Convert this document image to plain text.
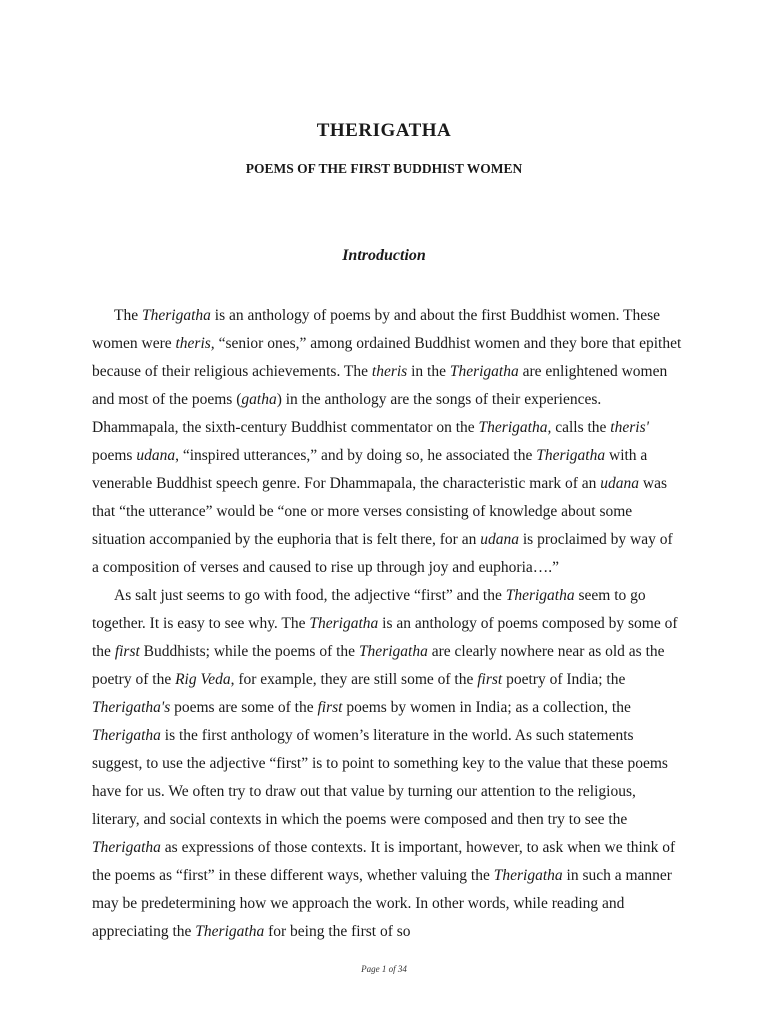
THERIGATHA
POEMS OF THE FIRST BUDDHIST WOMEN
Introduction

The Therigatha is an anthology of poems by and about the first Buddhist women. These women were theris, “senior ones,” among ordained Buddhist women and they bore that epithet because of their religious achievements. The theris in the Therigatha are enlightened women and most of the poems (gatha) in the anthology are the songs of their experiences. Dhammapala, the sixth-century Buddhist commentator on the Therigatha, calls the theris' poems udana, “inspired utterances,” and by doing so, he associated the Therigatha with a venerable Buddhist speech genre. For Dhammapala, the characteristic mark of an udana was that “the utterance” would be “one or more verses consisting of knowledge about some situation accompanied by the euphoria that is felt there, for an udana is proclaimed by way of a composition of verses and caused to rise up through joy and euphoria….”

As salt just seems to go with food, the adjective “first” and the Therigatha seem to go together. It is easy to see why. The Therigatha is an anthology of poems composed by some of the first Buddhists; while the poems of the Therigatha are clearly nowhere near as old as the poetry of the Rig Veda, for example, they are still some of the first poetry of India; the Therigatha's poems are some of the first poems by women in India; as a collection, the Therigatha is the first anthology of women’s literature in the world. As such statements suggest, to use the adjective “first” is to point to something key to the value that these poems have for us. We often try to draw out that value by turning our attention to the religious, literary, and social contexts in which the poems were composed and then try to see the Therigatha as expressions of those contexts. It is important, however, to ask when we think of the poems as “first” in these different ways, whether valuing the Therigatha in such a manner may be predetermining how we approach the work. In other words, while reading and appreciating the Therigatha for being the first of so

Page 1 of 34
